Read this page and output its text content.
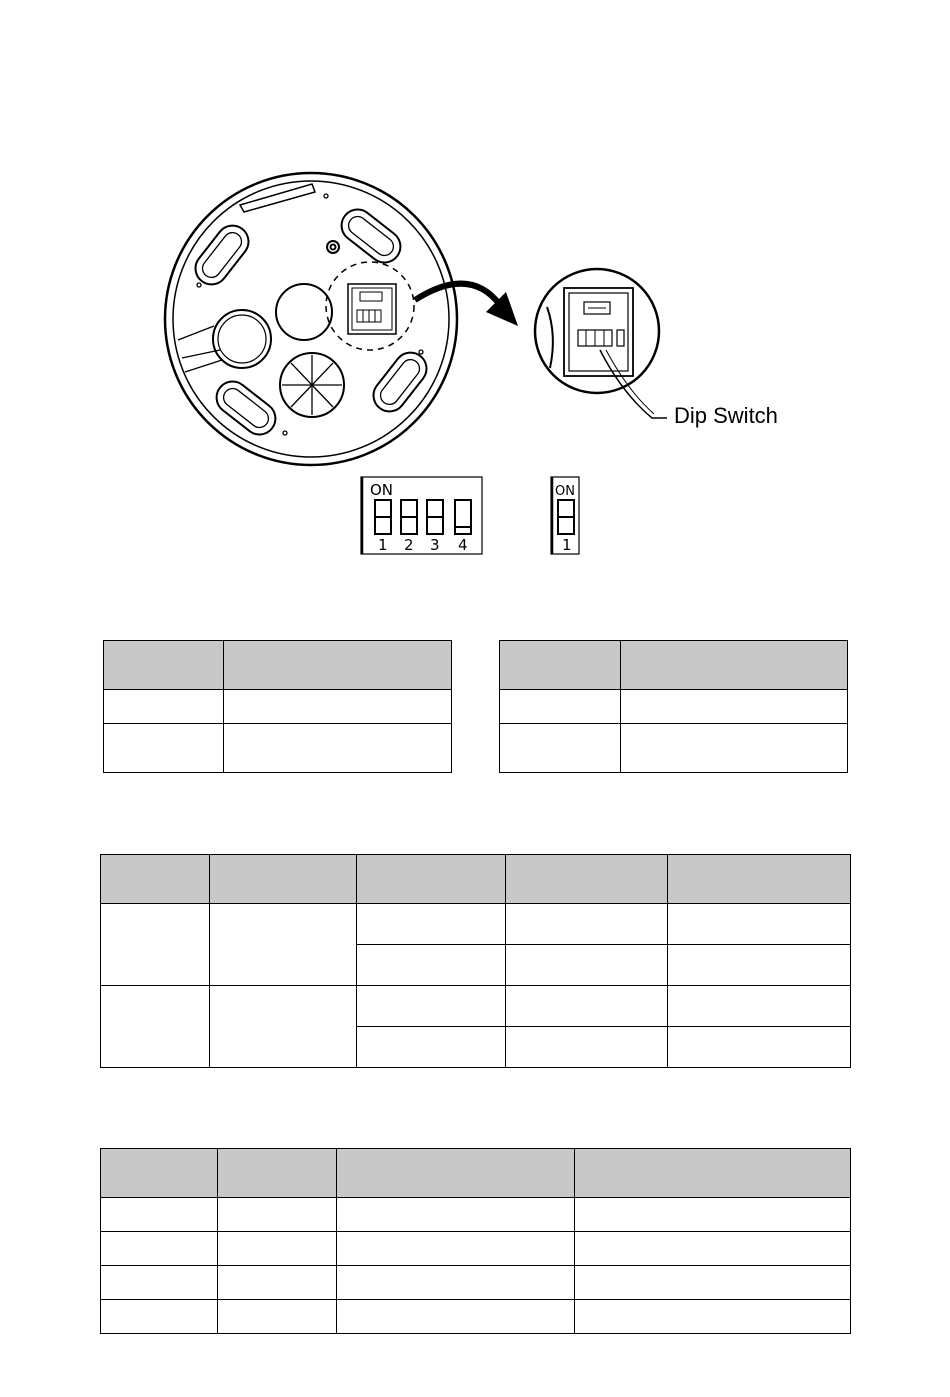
ON
1 2 3 4
ON
1
Dip Switch
